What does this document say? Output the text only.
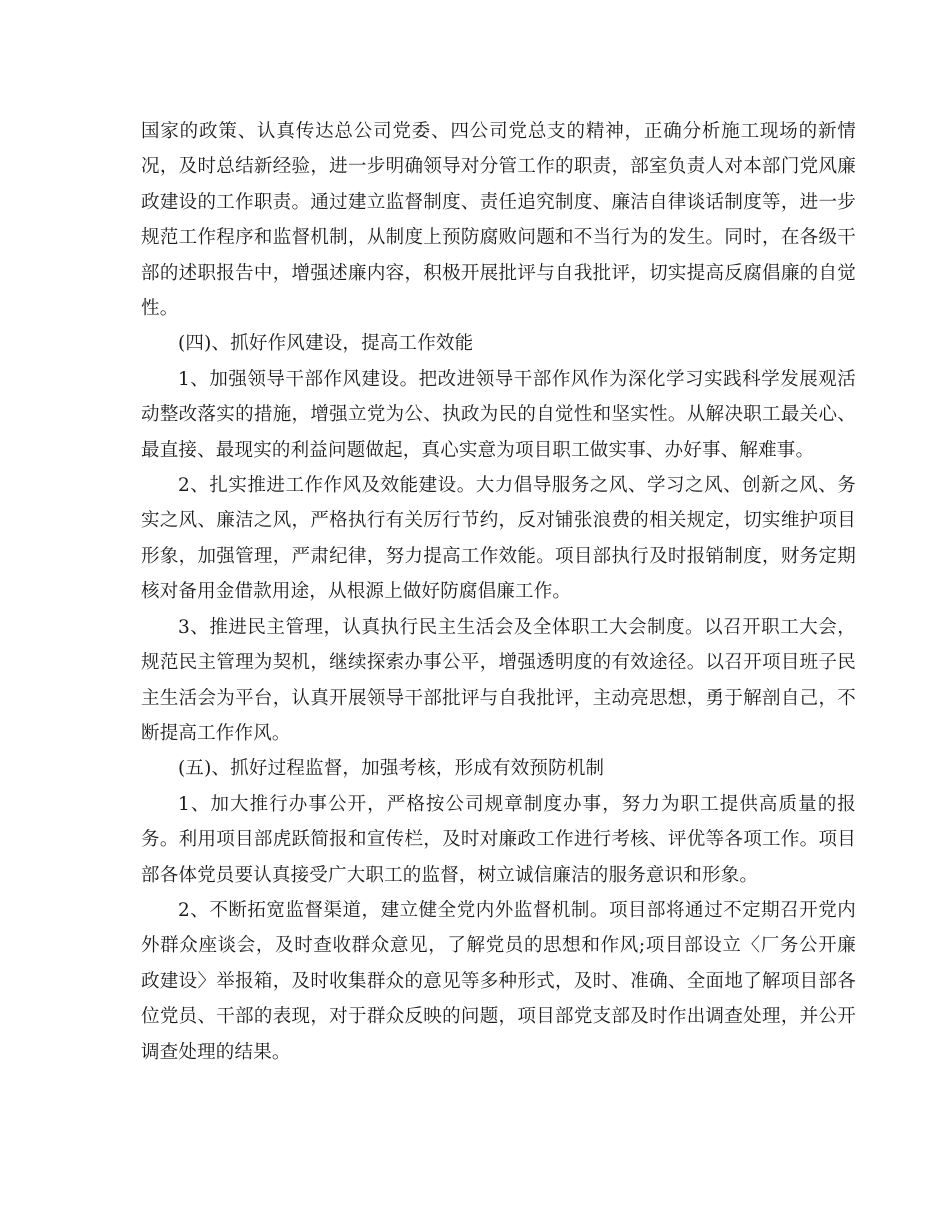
国家的政策、认真传达总公司党委、四公司党总支的精神，正确分析施工现场的新情况，及时总结新经验，进一步明确领导对分管工作的职责，部室负责人对本部门党风廉政建设的工作职责。通过建立监督制度、责任追究制度、廉洁自律谈话制度等，进一步规范工作程序和监督机制，从制度上预防腐败问题和不当行为的发生。同时，在各级干部的述职报告中，增强述廉内容，积极开展批评与自我批评，切实提高反腐倡廉的自觉性。

(四)、抓好作风建设，提高工作效能

1、加强领导干部作风建设。把改进领导干部作风作为深化学习实践科学发展观活动整改落实的措施，增强立党为公、执政为民的自觉性和坚实性。从解决职工最关心、最直接、最现实的利益问题做起，真心实意为项目职工做实事、办好事、解难事。

2、扎实推进工作作风及效能建设。大力倡导服务之风、学习之风、创新之风、务实之风、廉洁之风，严格执行有关厉行节约，反对铺张浪费的相关规定，切实维护项目形象，加强管理，严肃纪律，努力提高工作效能。项目部执行及时报销制度，财务定期核对备用金借款用途，从根源上做好防腐倡廉工作。

3、推进民主管理，认真执行民主生活会及全体职工大会制度。以召开职工大会，规范民主管理为契机，继续探索办事公平，增强透明度的有效途径。以召开项目班子民主生活会为平台，认真开展领导干部批评与自我批评，主动亮思想，勇于解剖自己，不断提高工作作风。

(五)、抓好过程监督，加强考核，形成有效预防机制

1、加大推行办事公开，严格按公司规章制度办事，努力为职工提供高质量的报务。利用项目部虎跃简报和宣传栏，及时对廉政工作进行考核、评优等各项工作。项目部各体党员要认真接受广大职工的监督，树立诚信廉洁的服务意识和形象。

2、不断拓宽监督渠道，建立健全党内外监督机制。项目部将通过不定期召开党内外群众座谈会，及时查收群众意见，了解党员的思想和作风;项目部设立〈厂务公开廉政建设〉举报箱，及时收集群众的意见等多种形式，及时、准确、全面地了解项目部各位党员、干部的表现，对于群众反映的问题，项目部党支部及时作出调查处理，并公开调查处理的结果。
